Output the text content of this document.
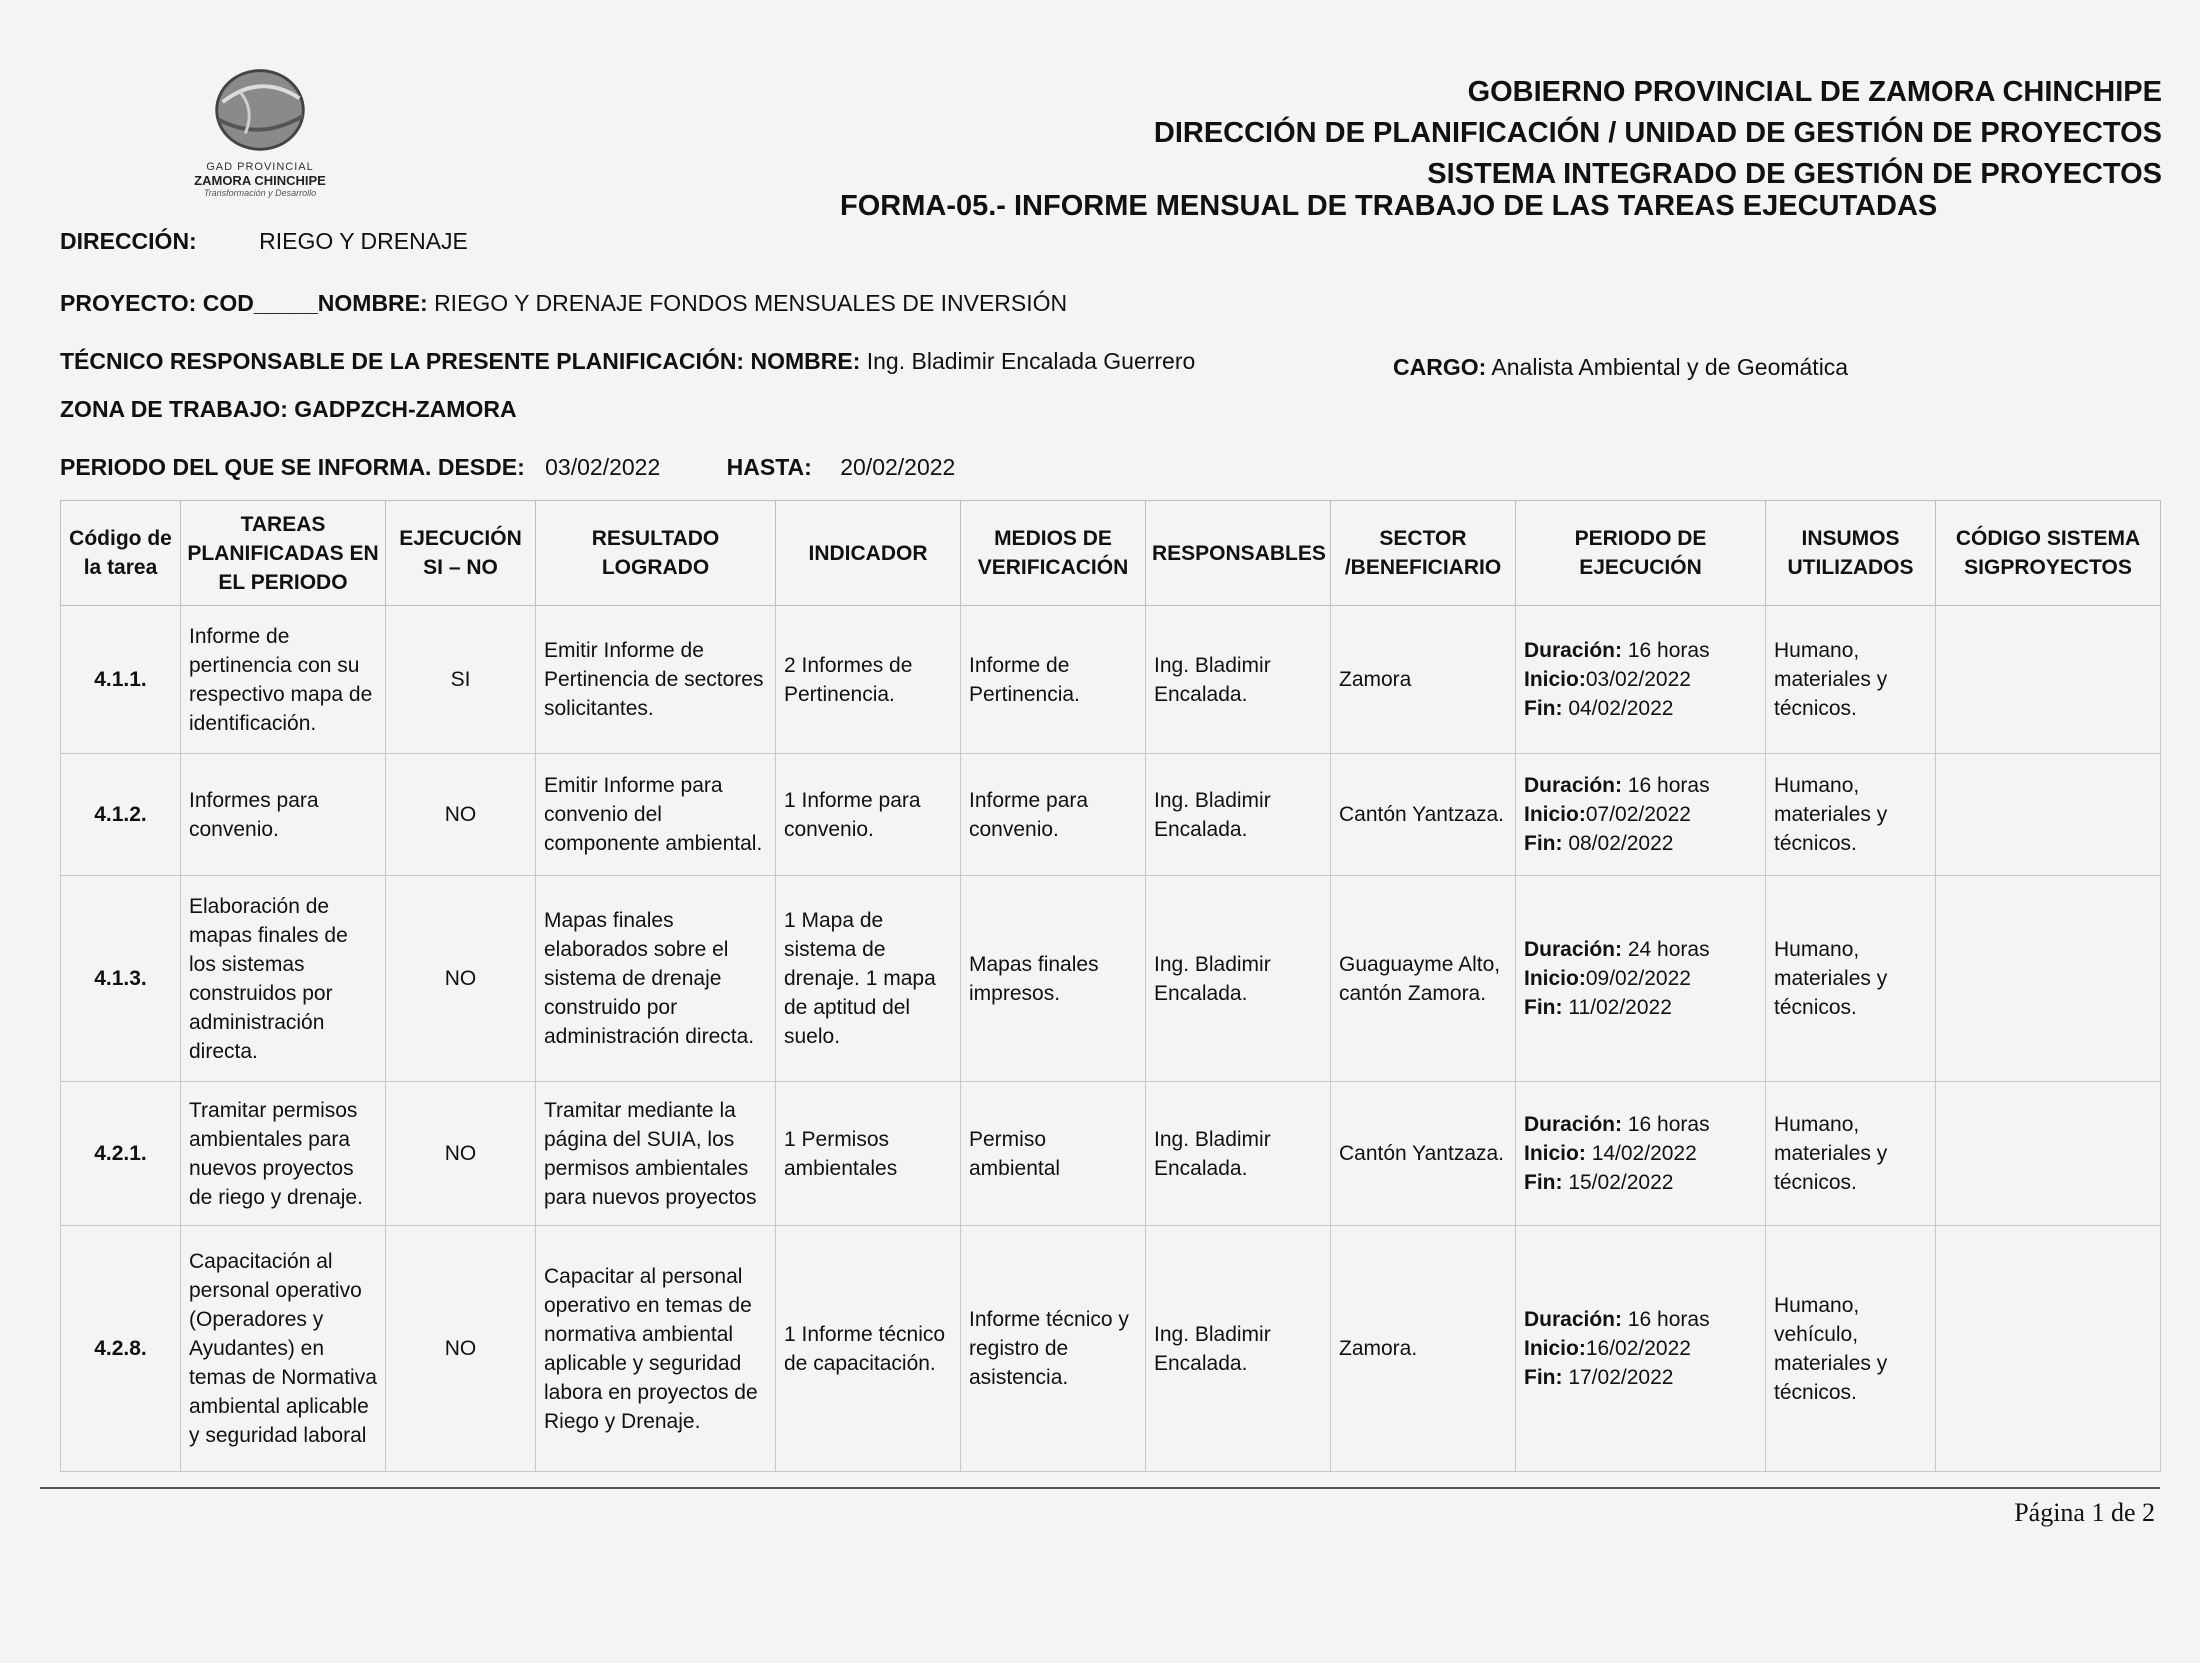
GAD PROVINCIAL
ZAMORA CHINCHIPE
Transformación y Desarrollo
GOBIERNO PROVINCIAL DE ZAMORA CHINCHIPE
DIRECCIÓN DE PLANIFICACIÓN / UNIDAD DE GESTIÓN DE PROYECTOS
SISTEMA INTEGRADO DE GESTIÓN DE PROYECTOS
FORMA-05.- INFORME MENSUAL DE TRABAJO DE LAS TAREAS EJECUTADAS
DIRECCIÓN:	RIEGO Y DRENAJE
PROYECTO: COD_____NOMBRE: RIEGO Y DRENAJE FONDOS MENSUALES DE INVERSIÓN
TÉCNICO RESPONSABLE DE LA PRESENTE PLANIFICACIÓN: NOMBRE: Ing. Bladimir Encalada Guerrero	CARGO: Analista Ambiental y de Geomática
ZONA DE TRABAJO: GADPZCH-ZAMORA
PERIODO DEL QUE SE INFORMA. DESDE: 03/02/2022	HASTA: 20/02/2022
Código de la tarea	TAREAS PLANIFICADAS EN EL PERIODO	EJECUCIÓN SI – NO	RESULTADO LOGRADO	INDICADOR	MEDIOS DE VERIFICACIÓN	RESPONSABLES	SECTOR /BENEFICIARIO	PERIODO DE EJECUCIÓN	INSUMOS UTILIZADOS	CÓDIGO SISTEMA SIGPROYECTOS
4.1.1.	Informe de pertinencia con su respectivo mapa de identificación.	SI	Emitir Informe de Pertinencia de sectores solicitantes.	2 Informes de Pertinencia.	Informe de Pertinencia.	Ing. Bladimir Encalada.	Zamora	Duración: 16 horas
Inicio:03/02/2022
Fin: 04/02/2022	Humano, materiales y técnicos.	
4.1.2.	Informes para convenio.	NO	Emitir Informe para convenio del componente ambiental.	1 Informe para convenio.	Informe para convenio.	Ing. Bladimir Encalada.	Cantón Yantzaza.	Duración: 16 horas
Inicio:07/02/2022
Fin: 08/02/2022	Humano, materiales y técnicos.	
4.1.3.	Elaboración de mapas finales de los sistemas construidos por administración directa.	NO	Mapas finales elaborados sobre el sistema de drenaje construido por administración directa.	1 Mapa de sistema de drenaje. 1 mapa de aptitud del suelo.	Mapas finales impresos.	Ing. Bladimir Encalada.	Guaguayme Alto, cantón Zamora.	Duración: 24 horas
Inicio:09/02/2022
Fin: 11/02/2022	Humano, materiales y técnicos.	
4.2.1.	Tramitar permisos ambientales para nuevos proyectos de riego y drenaje.	NO	Tramitar mediante la página del SUIA, los permisos ambientales para nuevos proyectos	1 Permisos ambientales	Permiso ambiental	Ing. Bladimir Encalada.	Cantón Yantzaza.	Duración: 16 horas
Inicio: 14/02/2022
Fin: 15/02/2022	Humano, materiales y técnicos.	
4.2.8.	Capacitación al personal operativo (Operadores y Ayudantes) en temas de Normativa ambiental aplicable y seguridad laboral	NO	Capacitar al personal operativo en temas de normativa ambiental aplicable y seguridad labora en proyectos de Riego y Drenaje.	1 Informe técnico de capacitación.	Informe técnico y registro de asistencia.	Ing. Bladimir Encalada.	Zamora.	Duración: 16 horas
Inicio:16/02/2022
Fin: 17/02/2022	Humano, vehículo, materiales y técnicos.	
Página 1 de 2
